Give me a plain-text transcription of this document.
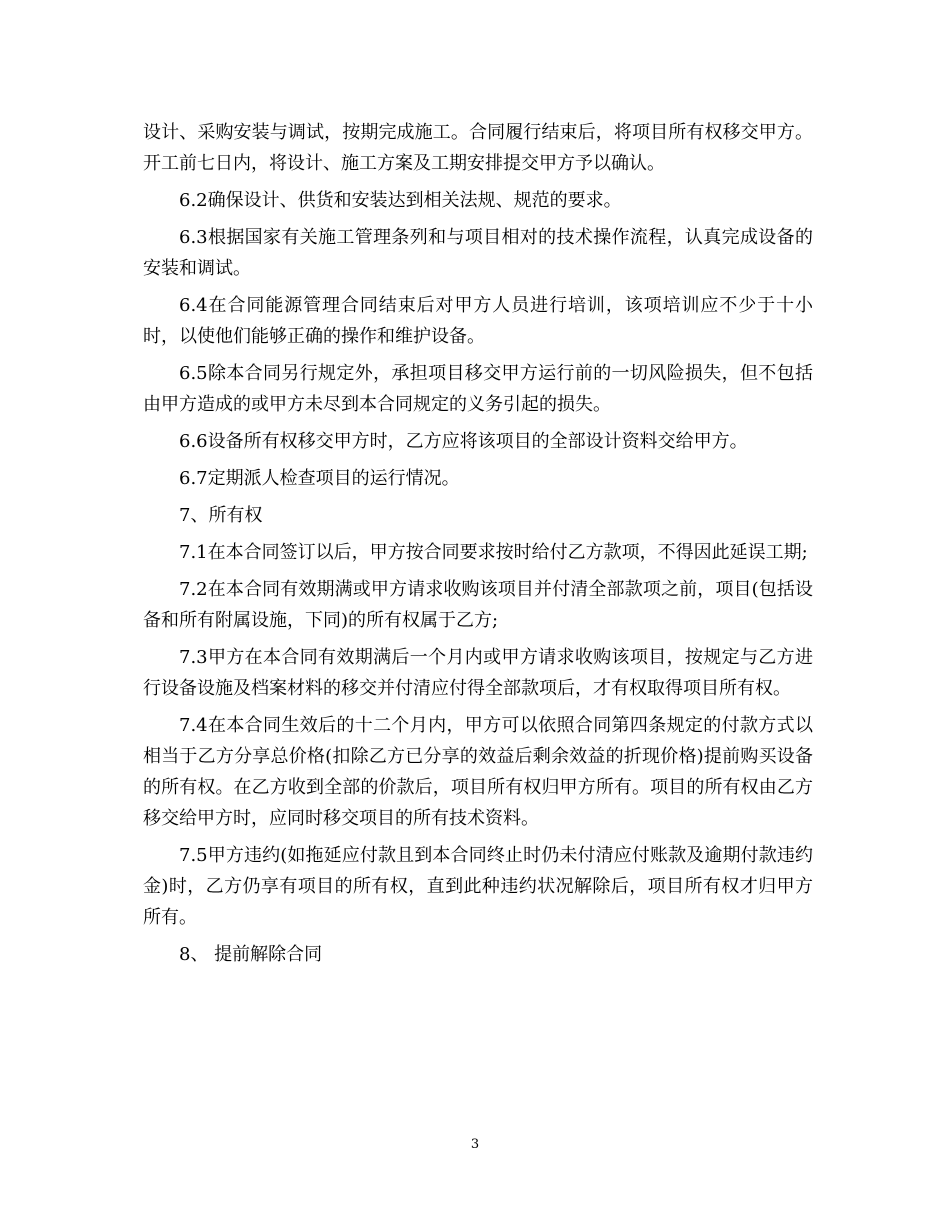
设计、采购安装与调试，按期完成施工。合同履行结束后，将项目所有权移交甲方。开工前七日内，将设计、施工方案及工期安排提交甲方予以确认。

6.2确保设计、供货和安装达到相关法规、规范的要求。

6.3根据国家有关施工管理条列和与项目相对的技术操作流程，认真完成设备的安装和调试。

6.4在合同能源管理合同结束后对甲方人员进行培训，该项培训应不少于十小时，以使他们能够正确的操作和维护设备。

6.5除本合同另行规定外，承担项目移交甲方运行前的一切风险损失，但不包括由甲方造成的或甲方未尽到本合同规定的义务引起的损失。

6.6设备所有权移交甲方时，乙方应将该项目的全部设计资料交给甲方。

6.7定期派人检查项目的运行情况。

7、所有权

7.1在本合同签订以后，甲方按合同要求按时给付乙方款项，不得因此延误工期;

7.2在本合同有效期满或甲方请求收购该项目并付清全部款项之前，项目(包括设备和所有附属设施，下同)的所有权属于乙方;

7.3甲方在本合同有效期满后一个月内或甲方请求收购该项目，按规定与乙方进行设备设施及档案材料的移交并付清应付得全部款项后，才有权取得项目所有权。

7.4在本合同生效后的十二个月内，甲方可以依照合同第四条规定的付款方式以相当于乙方分享总价格(扣除乙方已分享的效益后剩余效益的折现价格)提前购买设备的所有权。在乙方收到全部的价款后，项目所有权归甲方所有。项目的所有权由乙方移交给甲方时，应同时移交项目的所有技术资料。

7.5甲方违约(如拖延应付款且到本合同终止时仍未付清应付账款及逾期付款违约金)时，乙方仍享有项目的所有权，直到此种违约状况解除后，项目所有权才归甲方所有。

8、 提前解除合同

3
